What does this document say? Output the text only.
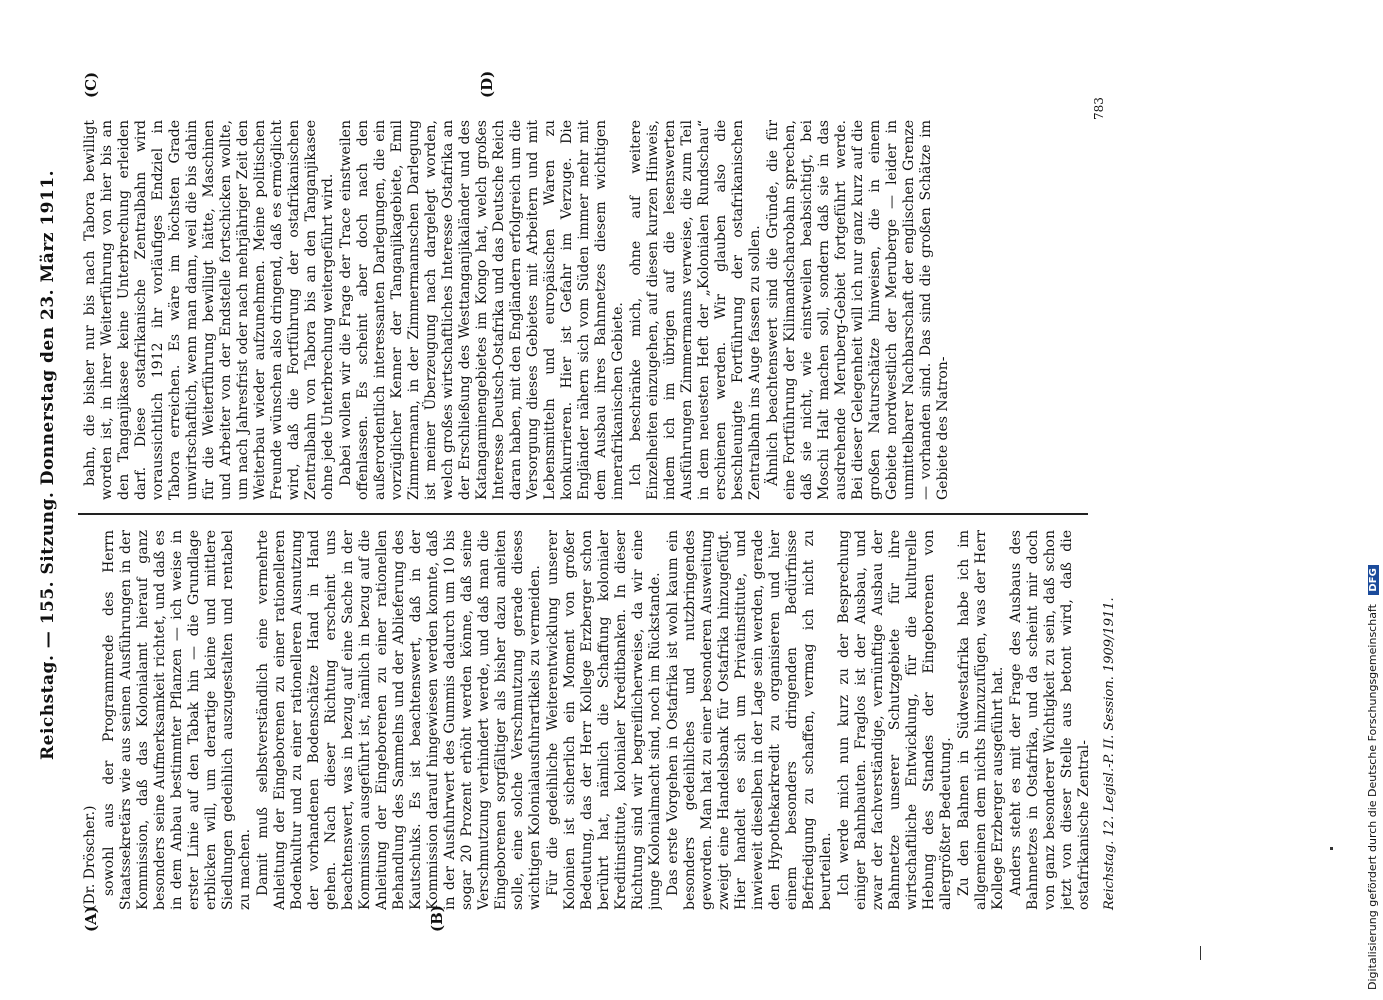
Reichstag. — 155. Sitzung. Donnerstag den 23. März 1911.
(A)	(B)
(C)	(D)
(Dr. Dröscher.) sowohl aus der Programmrede des Herrn Staatssekretärs wie aus seinen Ausführungen in der Kommission, daß das Kolonialamt hierauf ganz besonders seine Aufmerksamkeit richtet, und daß es in dem Anbau bestimmter Pflanzen — ich weise in erster Linie auf den Tabak hin — die Grundlage erblicken will, um derartige kleine und mittlere Siedlungen gedeihlich auszugestalten und rentabel zu machen. Damit muß selbstverständlich eine vermehrte Anleitung der Eingeborenen zu einer rationelleren Bodenkultur und zu einer rationelleren Ausnutzung der vorhandenen Bodenschätze Hand in Hand gehen. Nach dieser Richtung erscheint uns beachtenswert, was in bezug auf eine Sache in der Kommission ausgeführt ist, nämlich in bezug auf die Anleitung der Eingeborenen zu einer rationellen Behandlung des Sammelns und der Ablieferung des Kautschuks. Es ist beachtenswert, daß in der Kommission darauf hingewiesen werden konnte, daß in der Ausfuhrwert des Gummis dadurch um 10 bis sogar 20 Prozent erhöht werden könne, daß seine Verschmutzung verhindert werde, und daß man die Eingeborenen sorgfältiger als bisher dazu anleiten solle, eine solche Verschmutzung gerade dieses wichtigen Kolonialausfuhrartikels zu vermeiden. Für die gedeihliche Weiterentwicklung unserer Kolonien ist sicherlich ein Moment von großer Bedeutung, das der Herr Kollege Erzberger schon berührt hat, nämlich die Schaffung kolonialer Kreditinstitute, kolonialer Kreditbanken. In dieser Richtung sind wir begreiflicherweise, da wir eine junge Kolonialmacht sind, noch im Rückstande. Das erste Vorgehen in Ostafrika ist wohl kaum ein besonders gedeihliches und nutzbringendes geworden. Man hat zu einer besonderen Ausweitung zweigt eine Handelsbank für Ostafrika hinzugefügt. Hier handelt es sich um Privatinstitute, und inwieweit dieselben in der Lage sein werden, gerade den Hypothekarkredit zu organisieren und hier einem besonders dringenden Bedürfnisse Befriedigung zu schaffen, vermag ich nicht zu beurteilen. Ich werde mich nun kurz zu der Besprechung einiger Bahnbauten. Fraglos ist der Ausbau, und zwar der fachverständige, vernünftige Ausbau der Bahnnetze unserer Schutzgebiete für ihre wirtschaftliche Entwicklung, für die kulturelle Hebung des Standes der Eingeborenen von allergrößter Bedeutung. Zu den Bahnen in Südwestafrika habe ich im allgemeinen dem nichts hinzuzufügen, was der Herr Kollege Erzberger ausgeführt hat. Anders steht es mit der Frage des Ausbaus des Bahnnetzes in Ostafrika, und da scheint mir doch von ganz besonderer Wichtigkeit zu sein, daß schon jetzt von dieser Stelle aus betont wird, daß die ostafrikanische Zentral-

bahn, die bisher nur bis nach Tabora bewilligt worden ist, in ihrer Weiterführung von hier bis an den Tanganjikasee keine Unterbrechung erleiden darf. Diese ostafrikanische Zentralbahn wird voraussichtlich 1912 ihr vorläufiges Endziel in Tabora erreichen. Es wäre im höchsten Grade unwirtschaftlich, wenn man dann, weil die bis dahin für die Weiterführung bewilligt hätte, Maschinen und Arbeiter von der Endstelle fortschicken wollte, um nach Jahresfrist oder nach mehrjähriger Zeit den Weiterbau wieder aufzunehmen. Meine politischen Freunde wünschen also dringend, daß es ermöglicht wird, daß die Fortführung der ostafrikanischen Zentralbahn von Tabora bis an den Tanganjikasee ohne jede Unterbrechung weitergeführt wird. Dabei wollen wir die Frage der Trace einstweilen offenlassen. Es scheint aber doch nach den außerordentlich interessanten Darlegungen, die ein vorzüglicher Kenner der Tanganjikagebiete, Emil Zimmermann, in der Zimmermannschen Darlegung ist meiner Überzeugung nach dargelegt worden, welch großes wirtschaftliches Interesse Ostafrika an der Erschließung des Westtanganjikaländer und des Katangaminengebietes im Kongo hat, welch großes Interesse Deutsch-Ostafrika und das Deutsche Reich daran haben, mit den Engländern erfolgreich um die Versorgung dieses Gebietes mit Arbeitern und mit Lebensmitteln und europäischen Waren zu konkurrieren. Hier ist Gefahr im Verzuge. Die Engländer nähern sich vom Süden immer mehr mit dem Ausbau ihres Bahnnetzes diesem wichtigen innerafrikanischen Gebiete. Ich beschränke mich, ohne auf weitere Einzelheiten einzugehen, auf diesen kurzen Hinweis, indem ich im übrigen auf die lesenswerten Ausführungen Zimmermanns verweise, die zum Teil in dem neuesten Heft der „Kolonialen Rundschau“ erschienen werden. Wir glauben also die beschleunigte Fortführung der ostafrikanischen Zentralbahn ins Auge fassen zu sollen. Ähnlich beachtenswert sind die Gründe, die für eine Fortführung der Kilimandscharobahn sprechen, daß sie nicht, wie einstweilen beabsichtigt, bei Moschi Halt machen soll, sondern daß sie in das ausdrehende Meruberg-Gebiet fortgeführt werde. Bei dieser Gelegenheit will ich nur ganz kurz auf die großen Naturschätze hinweisen, die in einem Gebiete nordwestlich der Meruberge — leider in unmittelbarer Nachbarschaft der englischen Grenze — vorhanden sind. Das sind die großen Schätze im Gebiete des Natron-

Reichstag. 12. Legisl.-P. II. Session. 1909/1911.
783
Digitalisierung gefördert durch die Deutsche Forschungsgemeinschaft DFG
